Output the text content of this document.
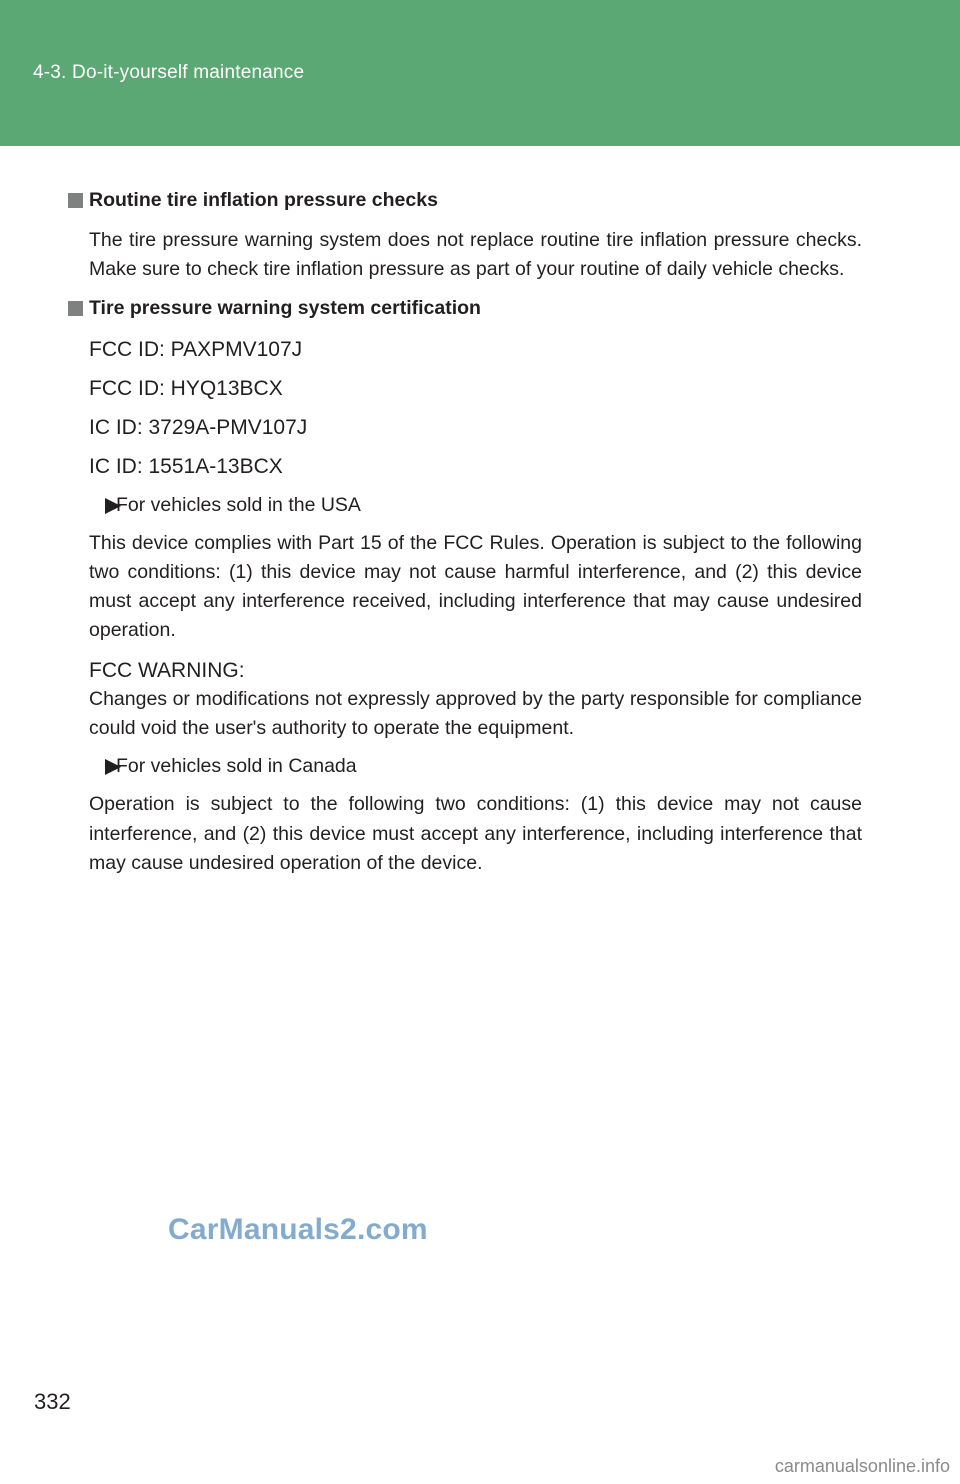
4-3. Do-it-yourself maintenance
Routine tire inflation pressure checks

The tire pressure warning system does not replace routine tire inflation pressure checks. Make sure to check tire inflation pressure as part of your routine of daily vehicle checks.

Tire pressure warning system certification
FCC ID: PAXPMV107J
FCC ID: HYQ13BCX
IC ID: 3729A-PMV107J
IC ID: 1551A-13BCX
For vehicles sold in the USA

This device complies with Part 15 of the FCC Rules. Operation is subject to the following two conditions: (1) this device may not cause harmful interference, and (2) this device must accept any interference received, including interference that may cause undesired operation.

FCC WARNING:

Changes or modifications not expressly approved by the party responsible for compliance could void the user's authority to operate the equipment.

For vehicles sold in Canada

Operation is subject to the following two conditions: (1) this device may not cause interference, and (2) this device must accept any interference, including interference that may cause undesired operation of the device.

CarManuals2.com
332
carmanualsonline.info
